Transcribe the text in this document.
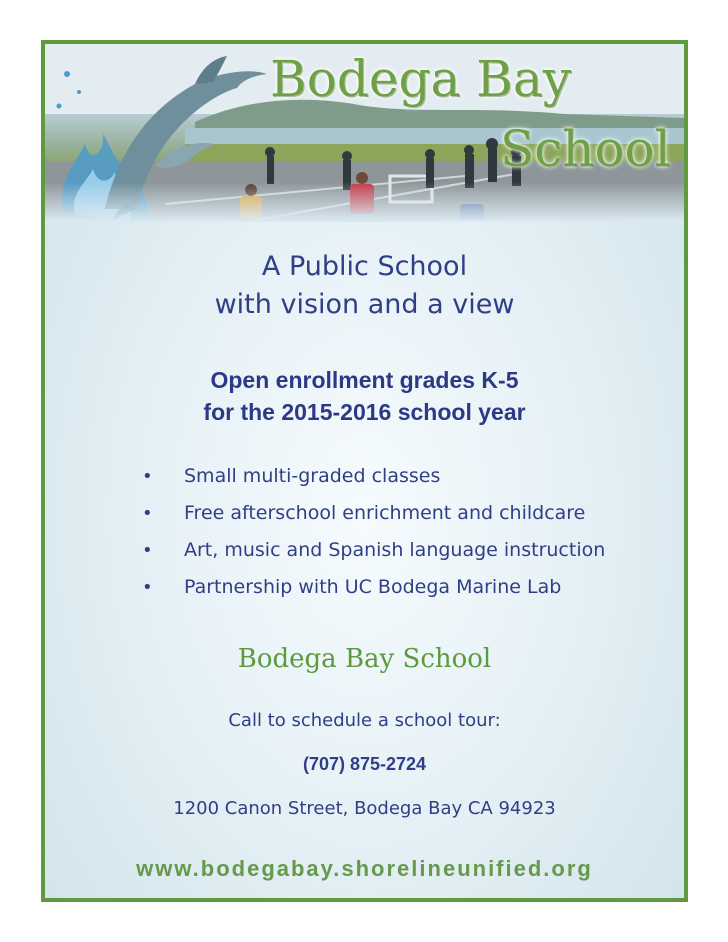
Bodega Bay
School
A Public School
with vision and a view
Open enrollment grades K-5
for the 2015-2016 school year
• Small multi-graded classes
• Free afterschool enrichment and childcare
• Art, music and Spanish language instruction
• Partnership with UC Bodega Marine Lab
Bodega Bay School
Call to schedule a school tour:
(707) 875-2724
1200 Canon Street, Bodega Bay CA 94923
www.bodegabay.shorelineunified.org
